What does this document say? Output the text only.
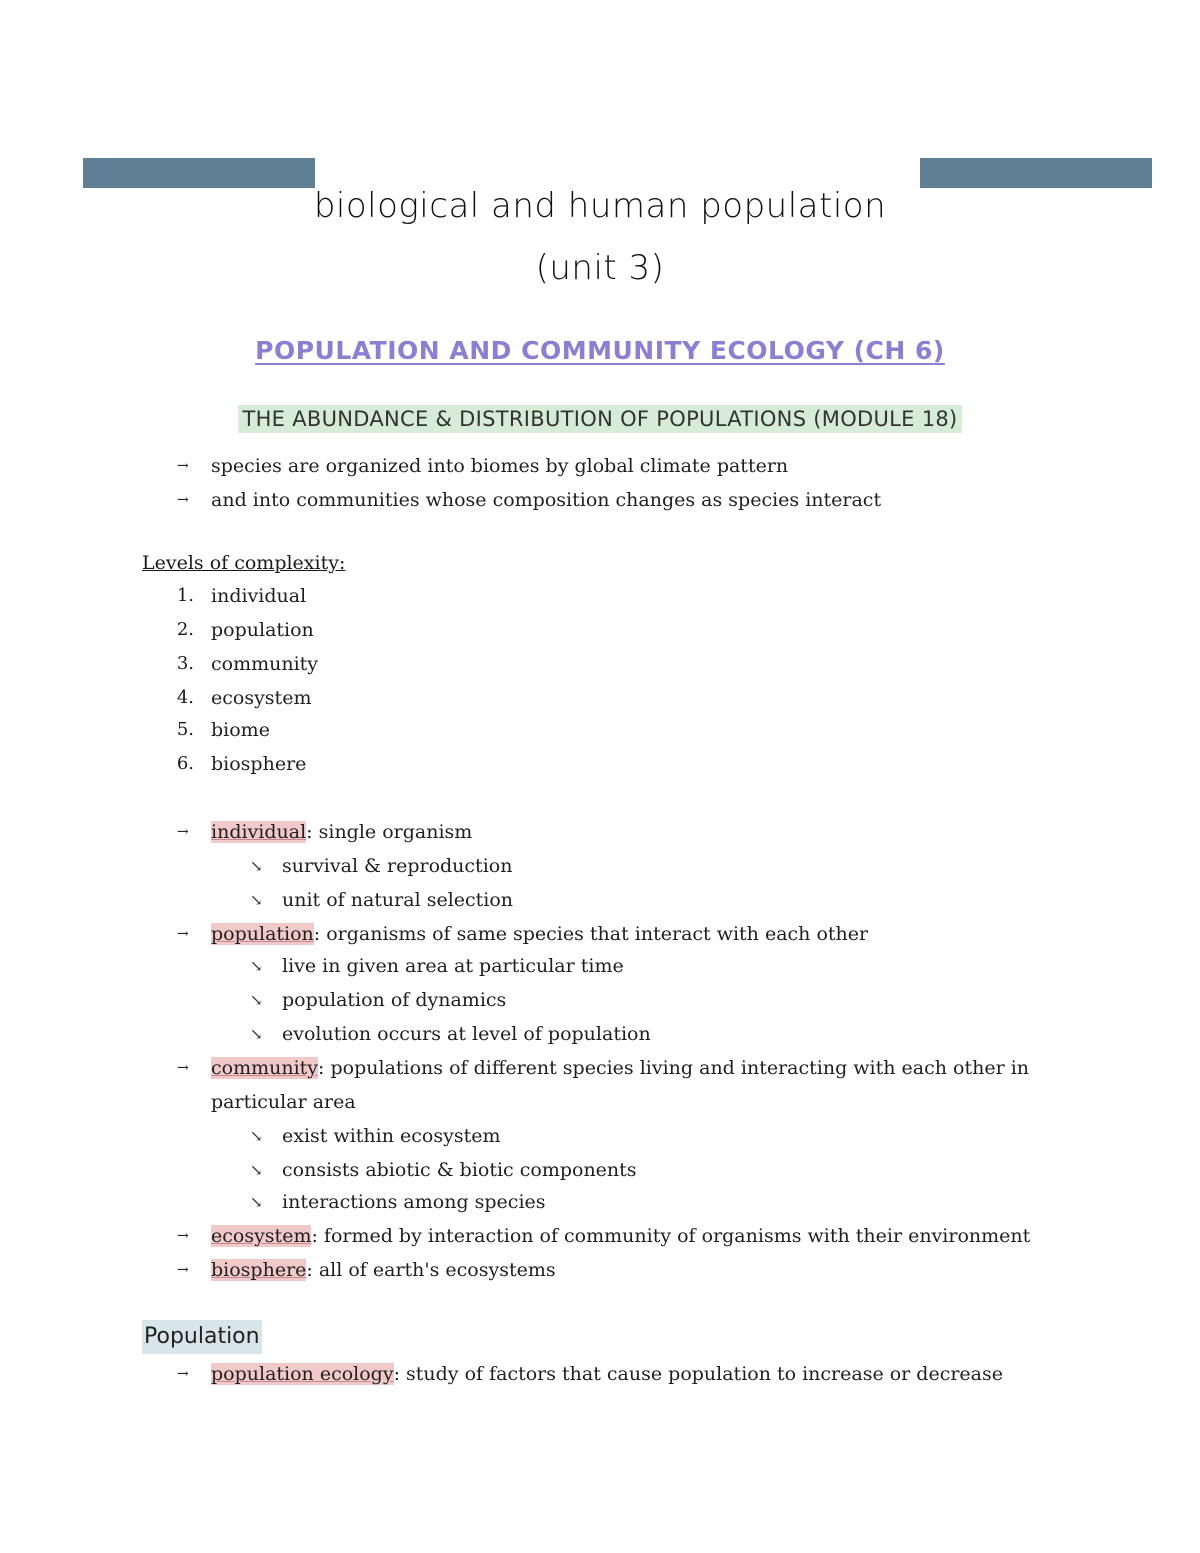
biological and human population
(unit 3)
POPULATION AND COMMUNITY ECOLOGY (CH 6)
THE ABUNDANCE & DISTRIBUTION OF POPULATIONS (MODULE 18)
→ species are organized into biomes by global climate pattern
→ and into communities whose composition changes as species interact
Levels of complexity:
1. individual
2. population
3. community
4. ecosystem
5. biome
6. biosphere
→ individual: single organism
↘ survival & reproduction
↘ unit of natural selection
→ population: organisms of same species that interact with each other
↘ live in given area at particular time
↘ population of dynamics
↘ evolution occurs at level of population
→ community: populations of different species living and interacting with each other in
particular area
↘ exist within ecosystem
↘ consists abiotic & biotic components
↘ interactions among species
→ ecosystem: formed by interaction of community of organisms with their environment
→ biosphere: all of earth's ecosystems
Population
→ population ecology: study of factors that cause population to increase or decrease
